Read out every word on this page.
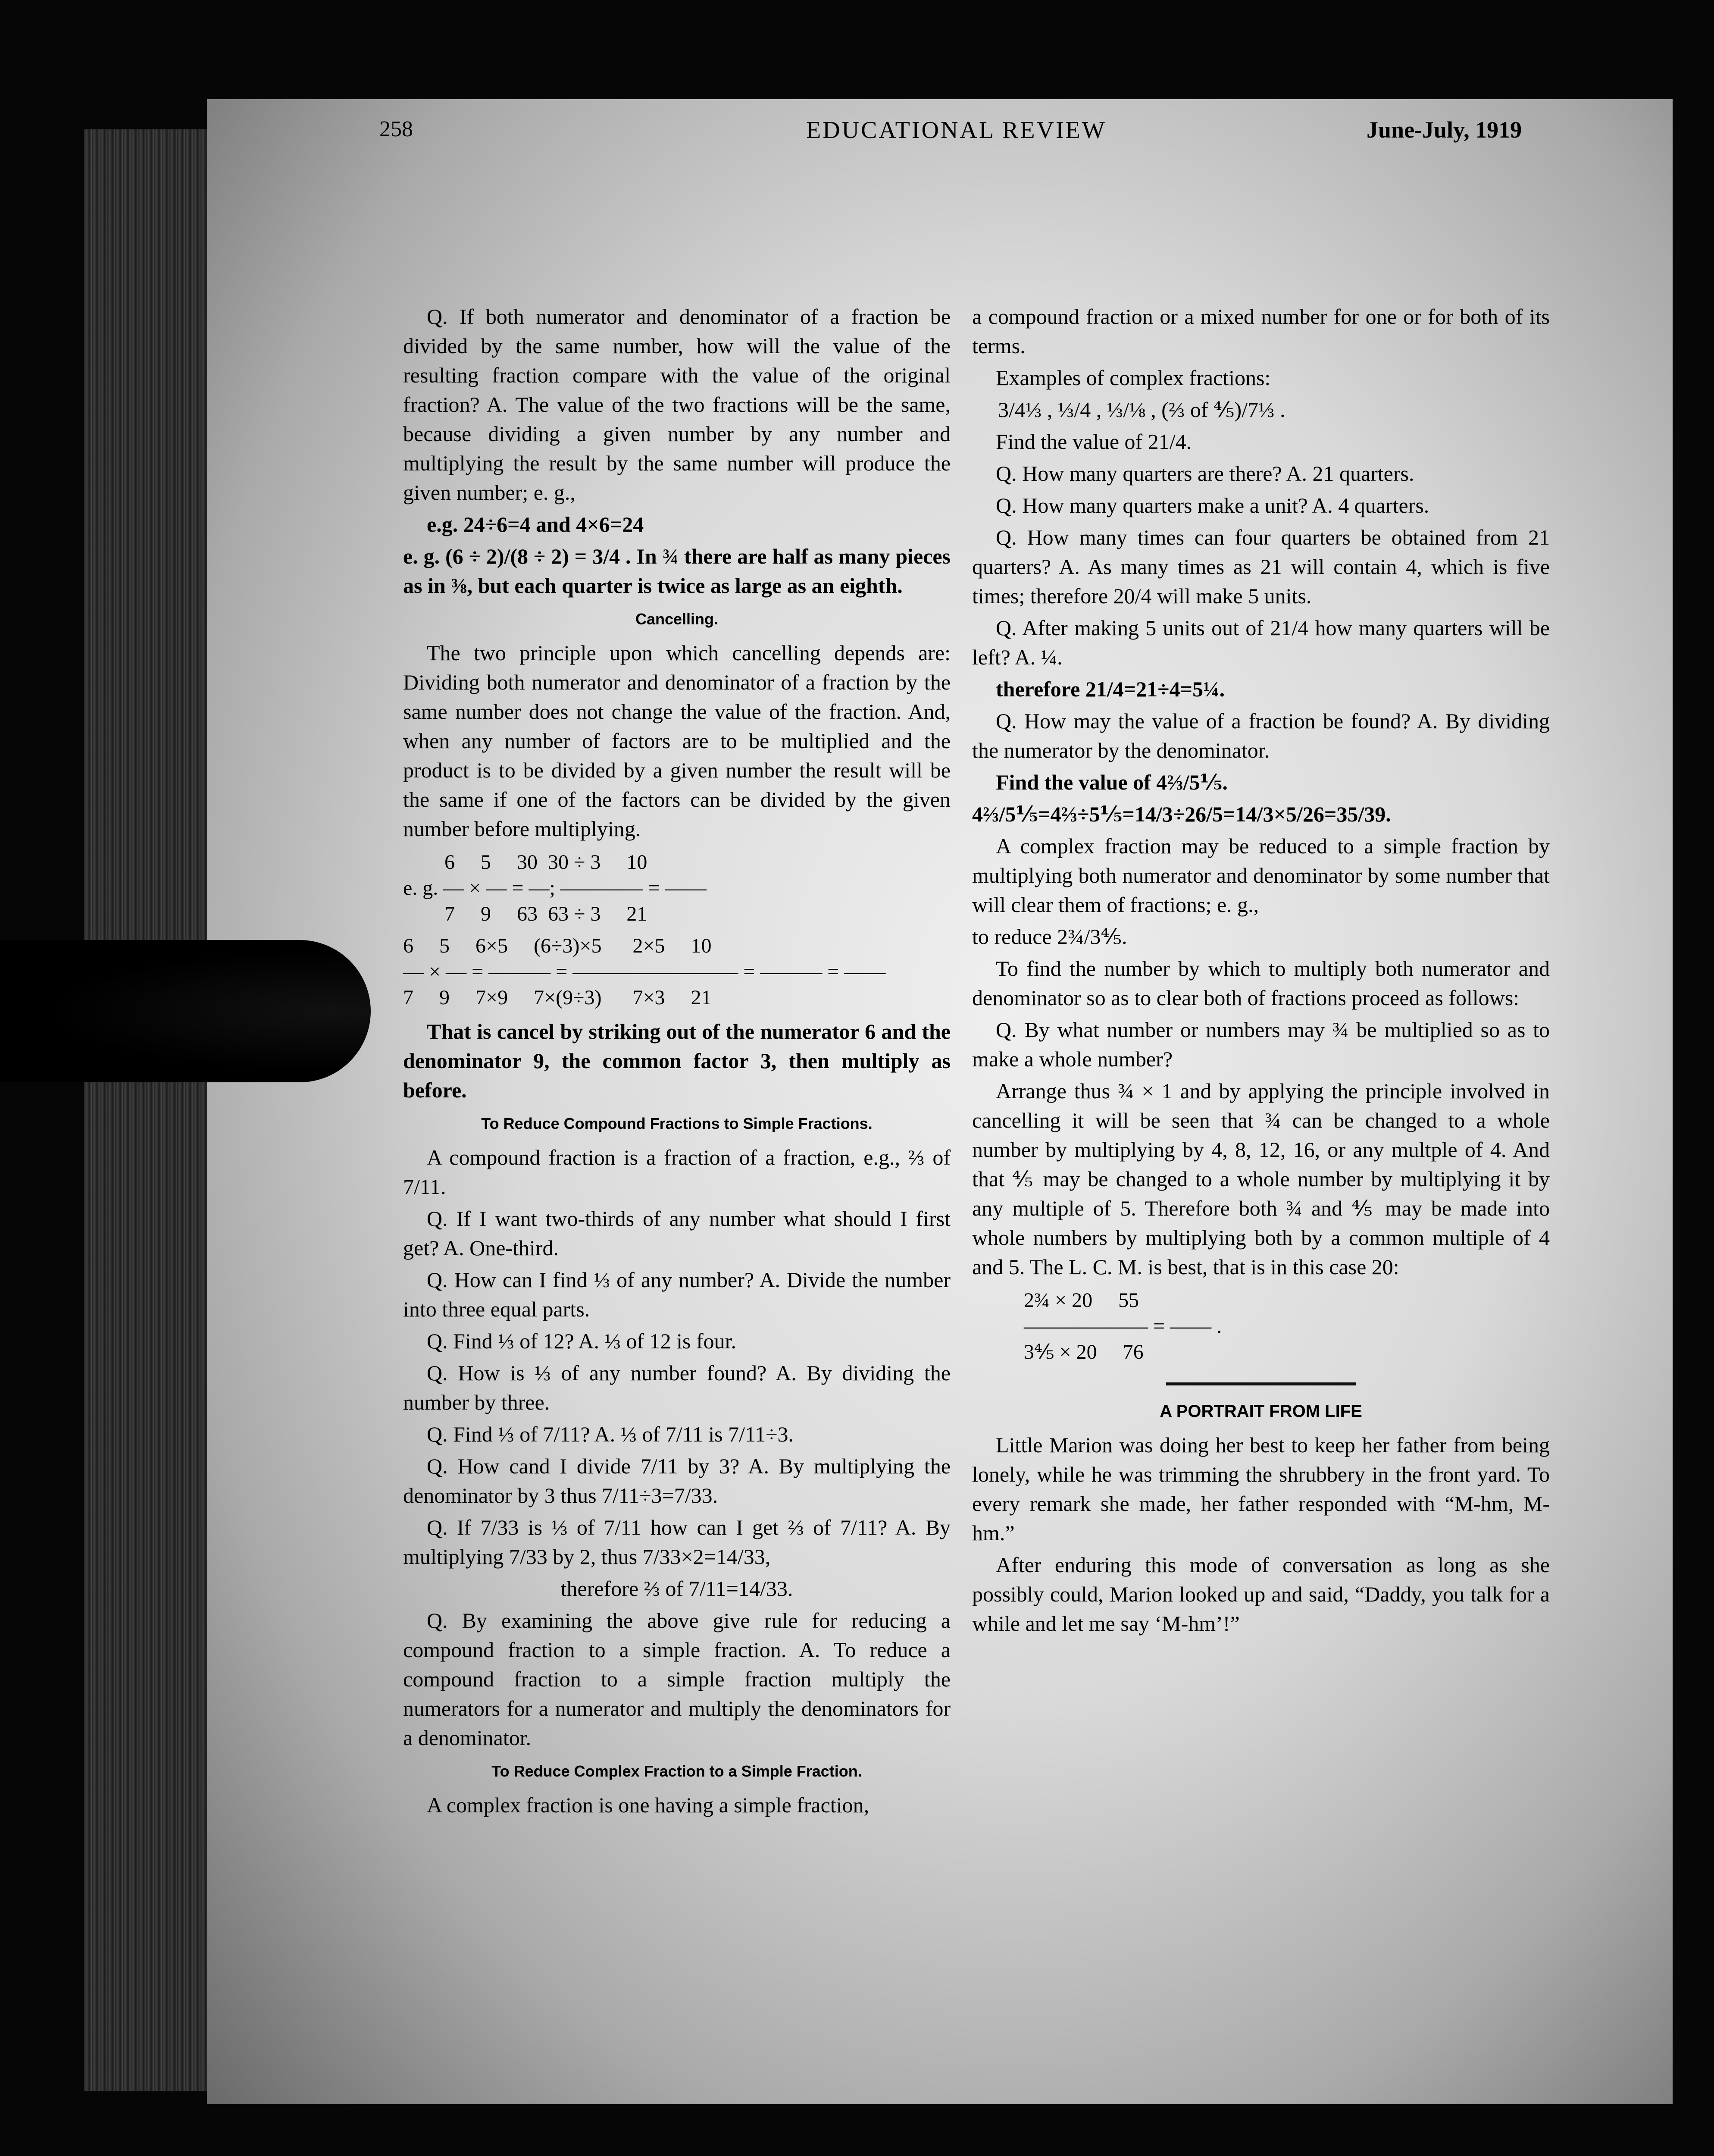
258	EDUCATIONAL REVIEW	June-July, 1919

Q. If both numerator and denominator of a fraction be divided by the same number, how will the value of the resulting fraction compare with the value of the original fraction? A. The value of the two fractions will be the same, because dividing a given number by any number and multiplying the result by the same number will produce the given number; e. g.,

e.g. 24÷6=4 and 4×6=24

e. g. (6 ÷ 2)/(8 ÷ 2) = 3/4 . In ¾ there are half as many pieces as in ⅜, but each quarter is twice as large as an eighth.

Cancelling.

The two principle upon which cancelling depends are: Dividing both numerator and denominator of a fraction by the same number does not change the value of the fraction. And, when any number of factors are to be multiplied and the product is to be divided by a given number the result will be the same if one of the factors can be divided by the given number before multiplying.

6     5     30  30 ÷ 3     10
e. g. — × — = —; ———— = ——
7     9     63  63 ÷ 3     21
6     5     6×5     (6÷3)×5      2×5     10
— × — = ——— = ———————— = ——— = ——
7     9     7×9     7×(9÷3)      7×3     21

That is cancel by striking out of the numerator 6 and the denominator 9, the common factor 3, then multiply as before.

To Reduce Compound Fractions to Simple Fractions.

A compound fraction is a fraction of a fraction, e.g., ⅔ of 7/11.

Q. If I want two-thirds of any number what should I first get? A. One-third.

Q. How can I find ⅓ of any number? A. Divide the number into three equal parts.

Q. Find ⅓ of 12? A. ⅓ of 12 is four.

Q. How is ⅓ of any number found? A. By dividing the number by three.

Q. Find ⅓ of 7/11? A. ⅓ of 7/11 is 7/11÷3.

Q. How cand I divide 7/11 by 3? A. By multiplying the denominator by 3 thus 7/11÷3=7/33.

Q. If 7/33 is ⅓ of 7/11 how can I get ⅔ of 7/11? A. By multiplying 7/33 by 2, thus 7/33×2=14/33,

therefore ⅔ of 7/11=14/33.

Q. By examining the above give rule for reducing a compound fraction to a simple fraction. A. To reduce a compound fraction to a simple fraction multiply the numerators for a numerator and multiply the denominators for a denominator.

To Reduce Complex Fraction to a Simple Fraction.

A complex fraction is one having a simple fraction,

a compound fraction or a mixed number for one or for both of its terms.

Examples of complex fractions:

3/4⅓ , ⅓/4 , ⅓/⅛ , (⅔ of ⅘)/7⅓ .

Find the value of 21/4.

Q. How many quarters are there? A. 21 quarters.

Q. How many quarters make a unit? A. 4 quarters.

Q. How many times can four quarters be obtained from 21 quarters? A. As many times as 21 will contain 4, which is five times; therefore 20/4 will make 5 units.

Q. After making 5 units out of 21/4 how many quarters will be left? A. ¼.

therefore 21/4=21÷4=5¼.

Q. How may the value of a fraction be found? A. By dividing the numerator by the denominator.

Find the value of 4⅔/5⅕.

4⅔/5⅕=4⅔÷5⅕=14/3÷26/5=14/3×5/26=35/39.

A complex fraction may be reduced to a simple fraction by multiplying both numerator and denominator by some number that will clear them of fractions; e. g.,

to reduce 2¾/3⅘.

To find the number by which to multiply both numerator and denominator so as to clear both of fractions proceed as follows:

Q. By what number or numbers may ¾ be multiplied so as to make a whole number?

Arrange thus ¾ × 1 and by applying the principle involved in cancelling it will be seen that ¾ can be changed to a whole number by multiplying by 4, 8, 12, 16, or any multple of 4. And that ⅘ may be changed to a whole number by multiplying it by any multiple of 5. Therefore both ¾ and ⅘ may be made into whole numbers by multiplying both by a common multiple of 4 and 5. The L. C. M. is best, that is in this case 20:

2¾ × 20     55
—————— = —— .
3⅘ × 20     76
A PORTRAIT FROM LIFE

Little Marion was doing her best to keep her father from being lonely, while he was trimming the shrubbery in the front yard. To every remark she made, her father responded with “M-hm, M-hm.”

After enduring this mode of conversation as long as she possibly could, Marion looked up and said, “Daddy, you talk for a while and let me say ‘M-hm’!”
